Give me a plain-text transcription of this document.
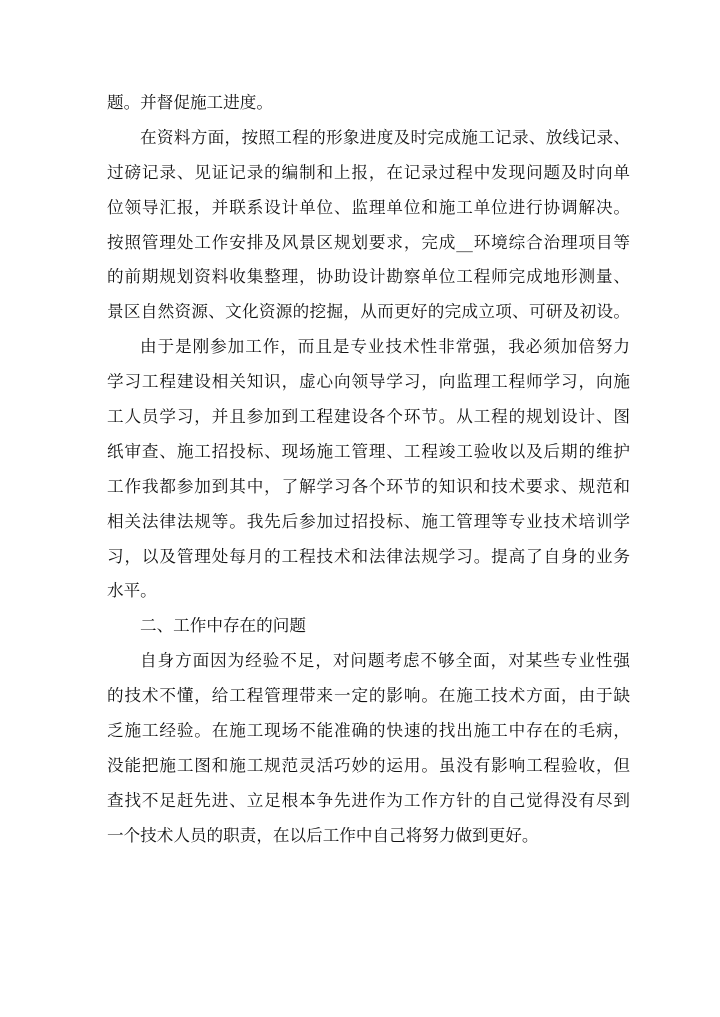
题。并督促施工进度。
在资料方面，按照工程的形象进度及时完成施工记录、放线记录、
过磅记录、见证记录的编制和上报，在记录过程中发现问题及时向单
位领导汇报，并联系设计单位、监理单位和施工单位进行协调解决。
按照管理处工作安排及风景区规划要求，完成__环境综合治理项目等
的前期规划资料收集整理，协助设计勘察单位工程师完成地形测量、
景区自然资源、文化资源的挖掘，从而更好的完成立项、可研及初设。
由于是刚参加工作，而且是专业技术性非常强，我必须加倍努力
学习工程建设相关知识，虚心向领导学习，向监理工程师学习，向施
工人员学习，并且参加到工程建设各个环节。从工程的规划设计、图
纸审查、施工招投标、现场施工管理、工程竣工验收以及后期的维护
工作我都参加到其中，了解学习各个环节的知识和技术要求、规范和
相关法律法规等。我先后参加过招投标、施工管理等专业技术培训学
习，以及管理处每月的工程技术和法律法规学习。提高了自身的业务
水平。
二、工作中存在的问题
自身方面因为经验不足，对问题考虑不够全面，对某些专业性强
的技术不懂，给工程管理带来一定的影响。在施工技术方面，由于缺
乏施工经验。在施工现场不能准确的快速的找出施工中存在的毛病，
没能把施工图和施工规范灵活巧妙的运用。虽没有影响工程验收，但
查找不足赶先进、立足根本争先进作为工作方针的自己觉得没有尽到
一个技术人员的职责，在以后工作中自己将努力做到更好。
